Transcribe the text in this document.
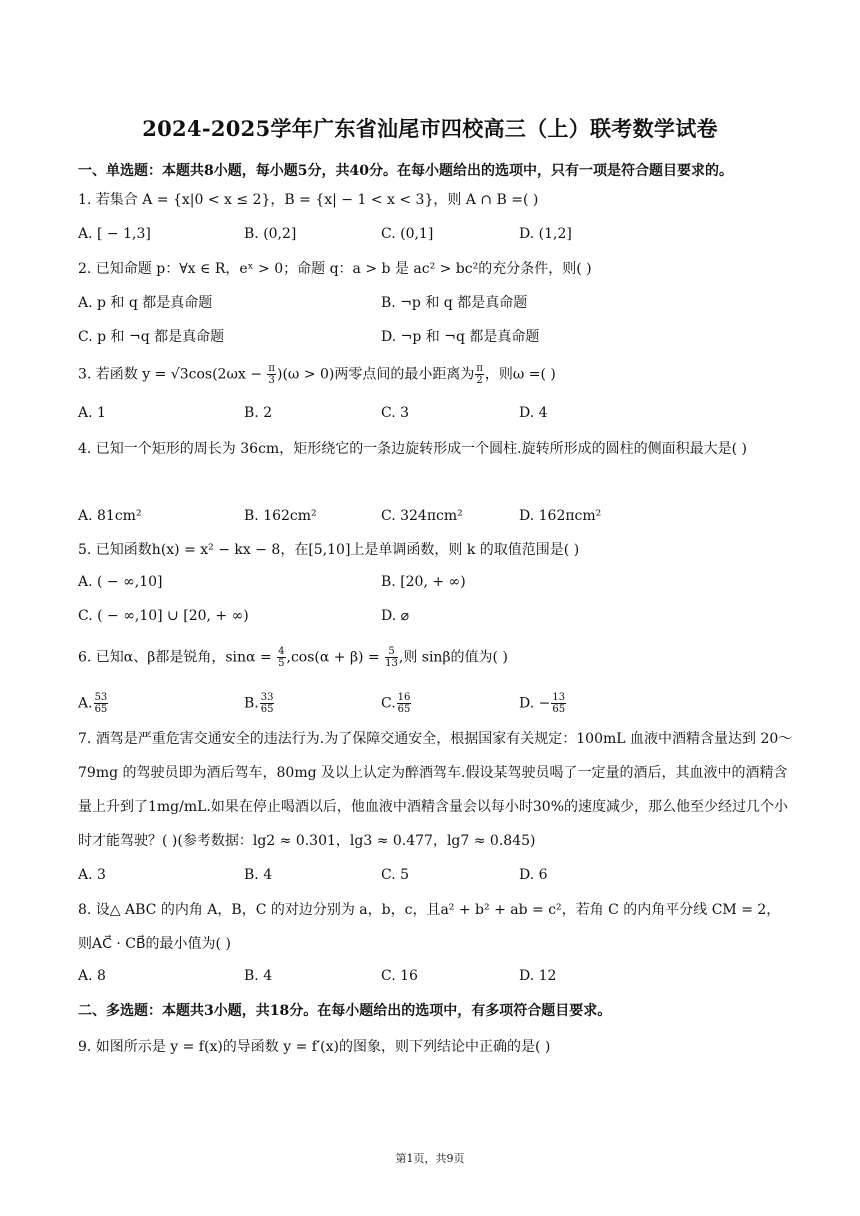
2024-2025学年广东省汕尾市四校高三（上）联考数学试卷
一、单选题：本题共8小题，每小题5分，共40分。在每小题给出的选项中，只有一项是符合题目要求的。
1. 若集合 A = {x|0 < x ≤ 2}，B = {x| − 1 < x < 3}，则 A ∩ B =( )
A. [ − 1,3]	B. (0,2]	C. (0,1]	D. (1,2]
2. 已知命题 p：∀x ∈ R，eˣ > 0；命题 q：a > b 是 ac² > bc²的充分条件，则( )
A. p 和 q 都是真命题	B. ¬p 和 q 都是真命题
C. p 和 ¬q 都是真命题	D. ¬p 和 ¬q 都是真命题
3. 若函数 $y = √3\cos(2\omega x - \frac{\pi}{3} )(\omega > 0)$两零点间的最小距离为 $\frac{\pi}{2}$ ，则ω =( )
A. 1	B. 2	C. 3	D. 4
4. 已知一个矩形的周长为 36cm，矩形绕它的一条边旋转形成一个圆柱.旋转所形成的圆柱的侧面积最大是( )
A. 81cm²	B. 162cm²	C. 324πcm²	D. 162πcm²
5. 已知函数h(x) = x² − kx − 8，在[5,10]上是单调函数，则 k 的取值范围是( )
A. ( − ∞,10]	B. [20, + ∞)
C. ( − ∞,10] ∪ [20, + ∞)	D. ⌀
6. 已知α、β都是锐角，$\sin\alpha = \frac{4}{5} ,\cos(\alpha + \beta) = \frac{5}{13}$ ,则 sinβ的值为( )
A. $\frac{53}{65}$	B. $\frac{33}{65}$	C. $\frac{16}{65}$	D. − $\frac{13}{65}$
7. 酒驾是严重危害交通安全的违法行为.为了保障交通安全，根据国家有关规定：100mL 血液中酒精含量达到 20～79mg 的驾驶员即为酒后驾车，80mg 及以上认定为醉酒驾车.假设某驾驶员喝了一定量的酒后，其血液中的酒精含量上升到了1mg/mL.如果在停止喝酒以后，他血液中酒精含量会以每小时30%的速度减少，那么他至少经过几个小时才能驾驶？( )(参考数据：lg2 ≈ 0.301，lg3 ≈ 0.477，lg7 ≈ 0.845)
A. 3	B. 4	C. 5	D. 6
8. 设△ ABC 的内角 A，B，C 的对边分别为 a，b，c，且a² + b² + ab = c²，若角 C 的内角平分线 CM = 2，
则AC⃗ · CB⃗的最小值为( )
A. 8	B. 4	C. 16	D. 12
二、多选题：本题共3小题，共18分。在每小题给出的选项中，有多项符合题目要求。
9. 如图所示是 y = f(x)的导函数 y = f′(x)的图象，则下列结论中正确的是( )
第1页，共9页
